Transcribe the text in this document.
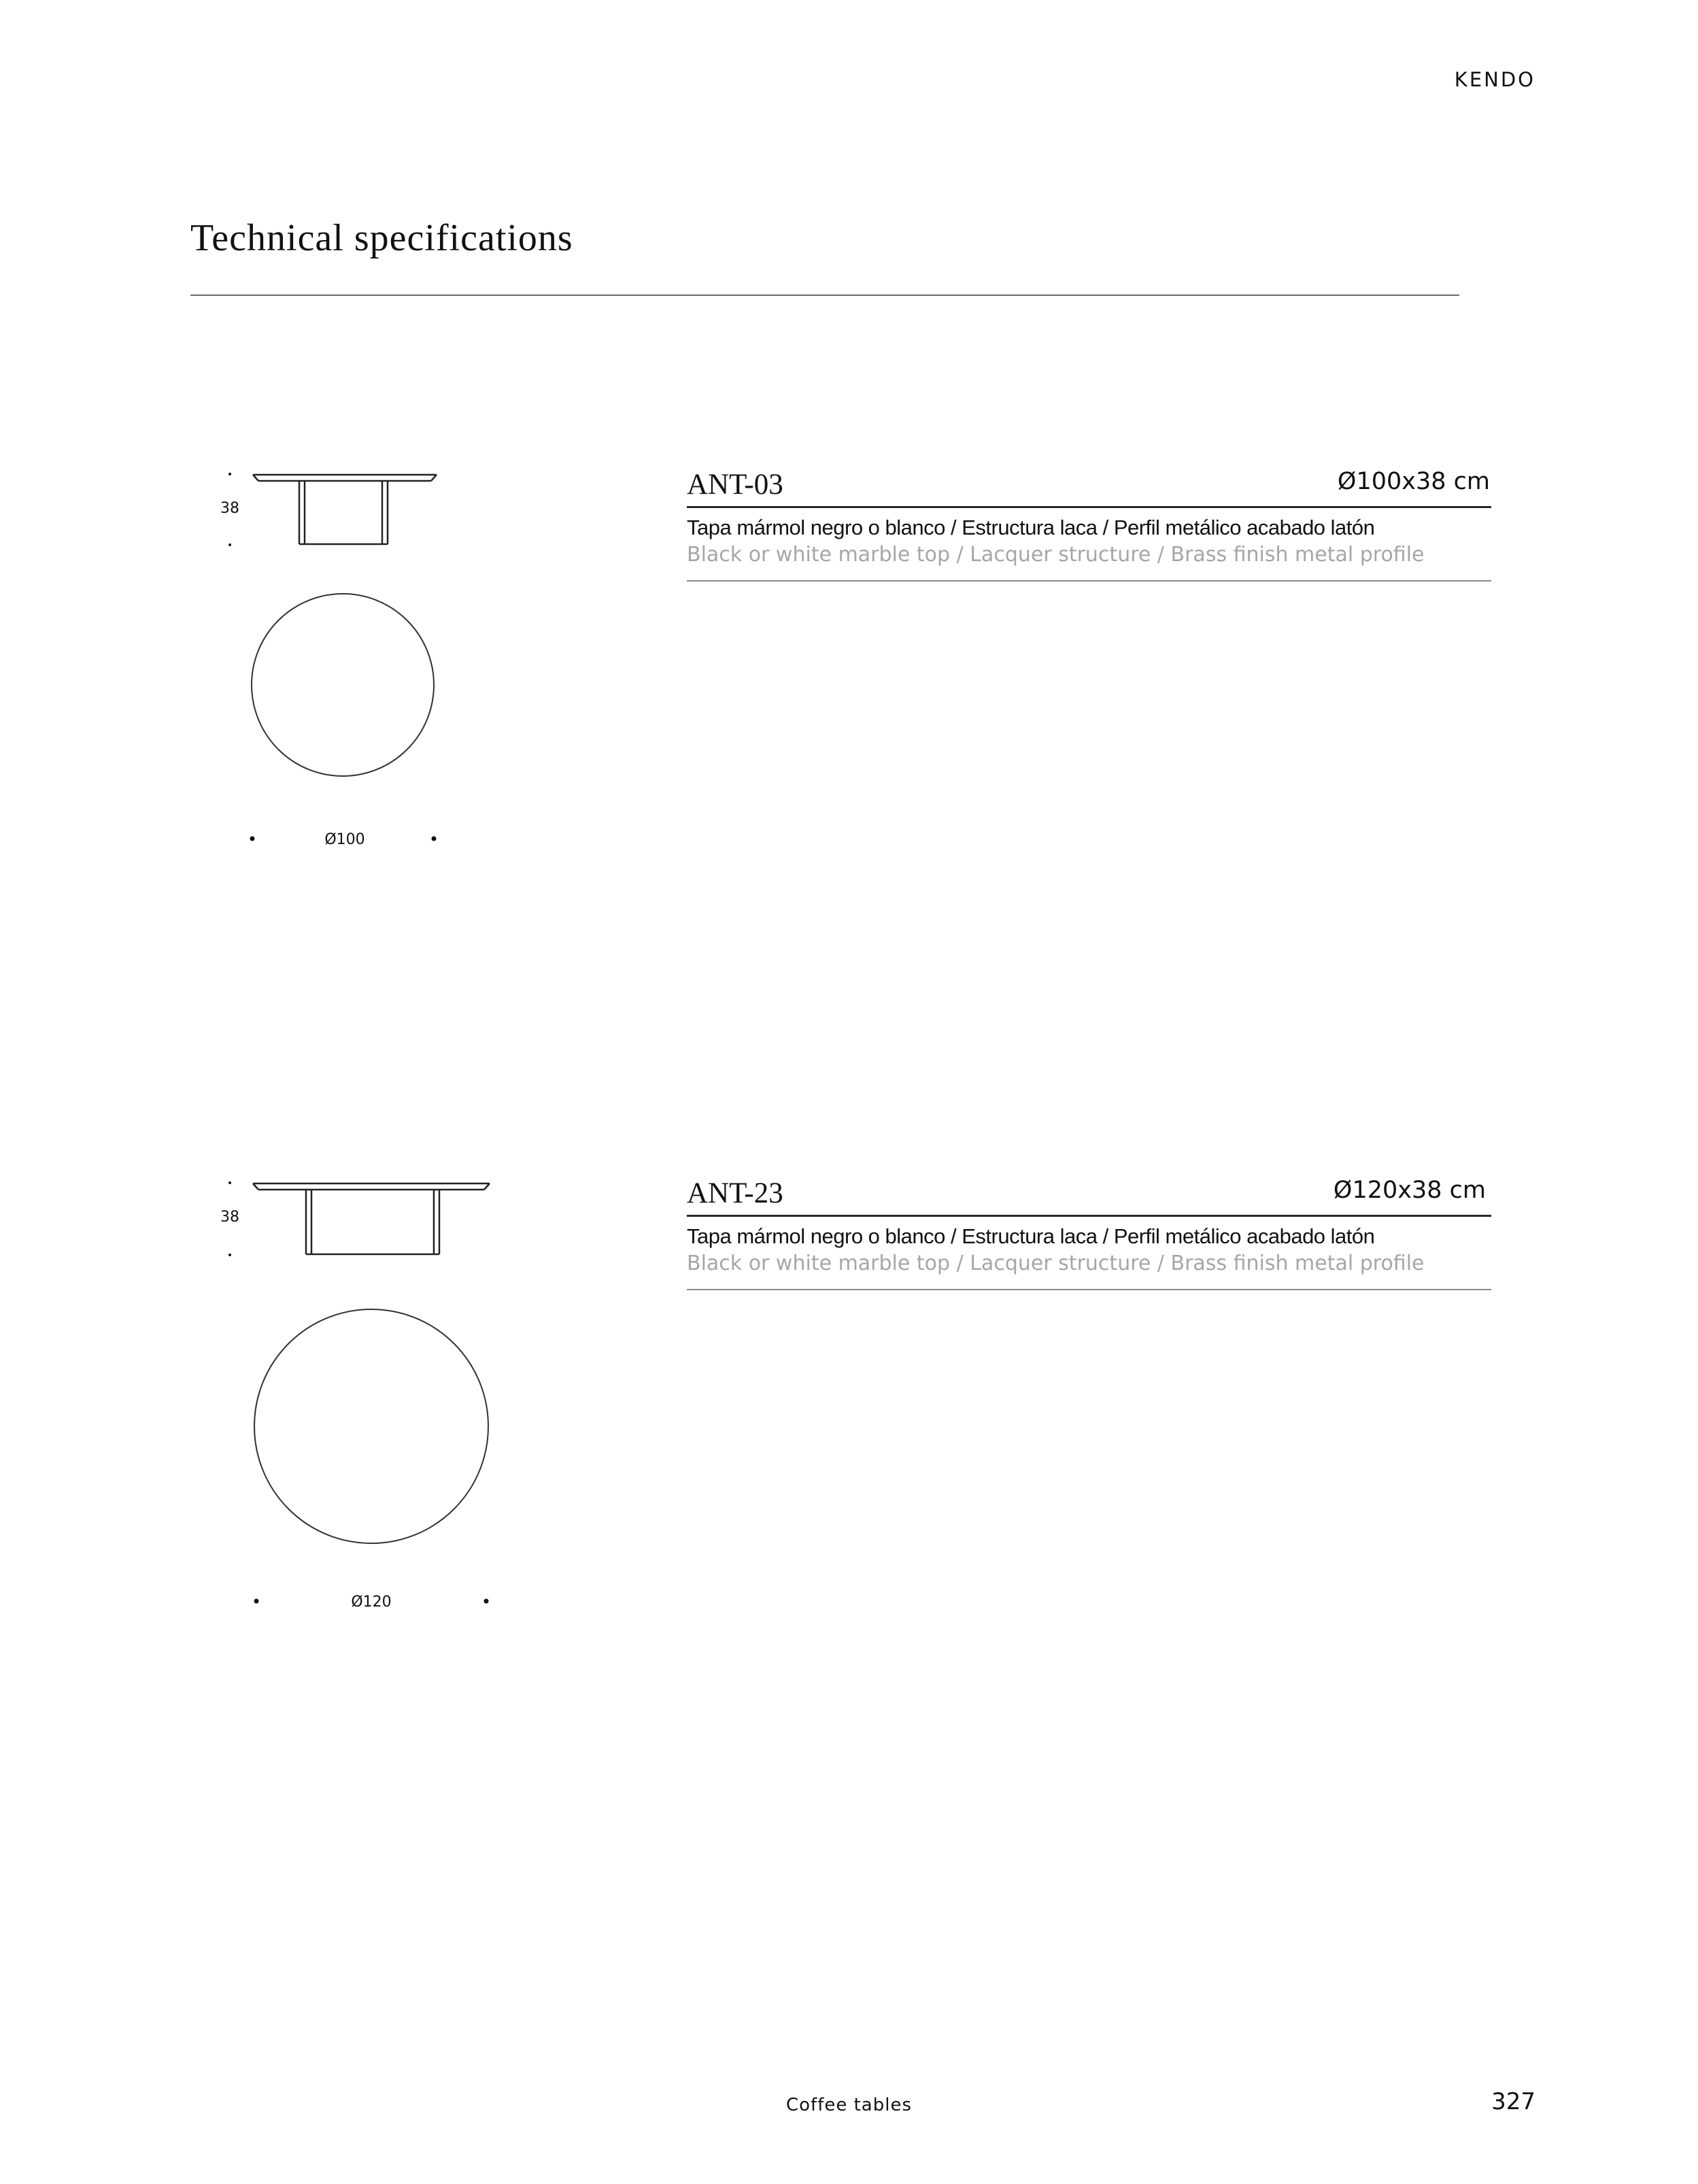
KENDO
Technical specifications
38
Ø100
ANT-03	Ø100x38 cm
Tapa mármol negro o blanco / Estructura laca / Perfil metálico acabado latón
Black or white marble top / Lacquer structure / Brass finish metal profile
38
Ø120
ANT-23	Ø120x38 cm
Tapa mármol negro o blanco / Estructura laca / Perfil metálico acabado latón
Black or white marble top / Lacquer structure / Brass finish metal profile
Coffee tables	327
